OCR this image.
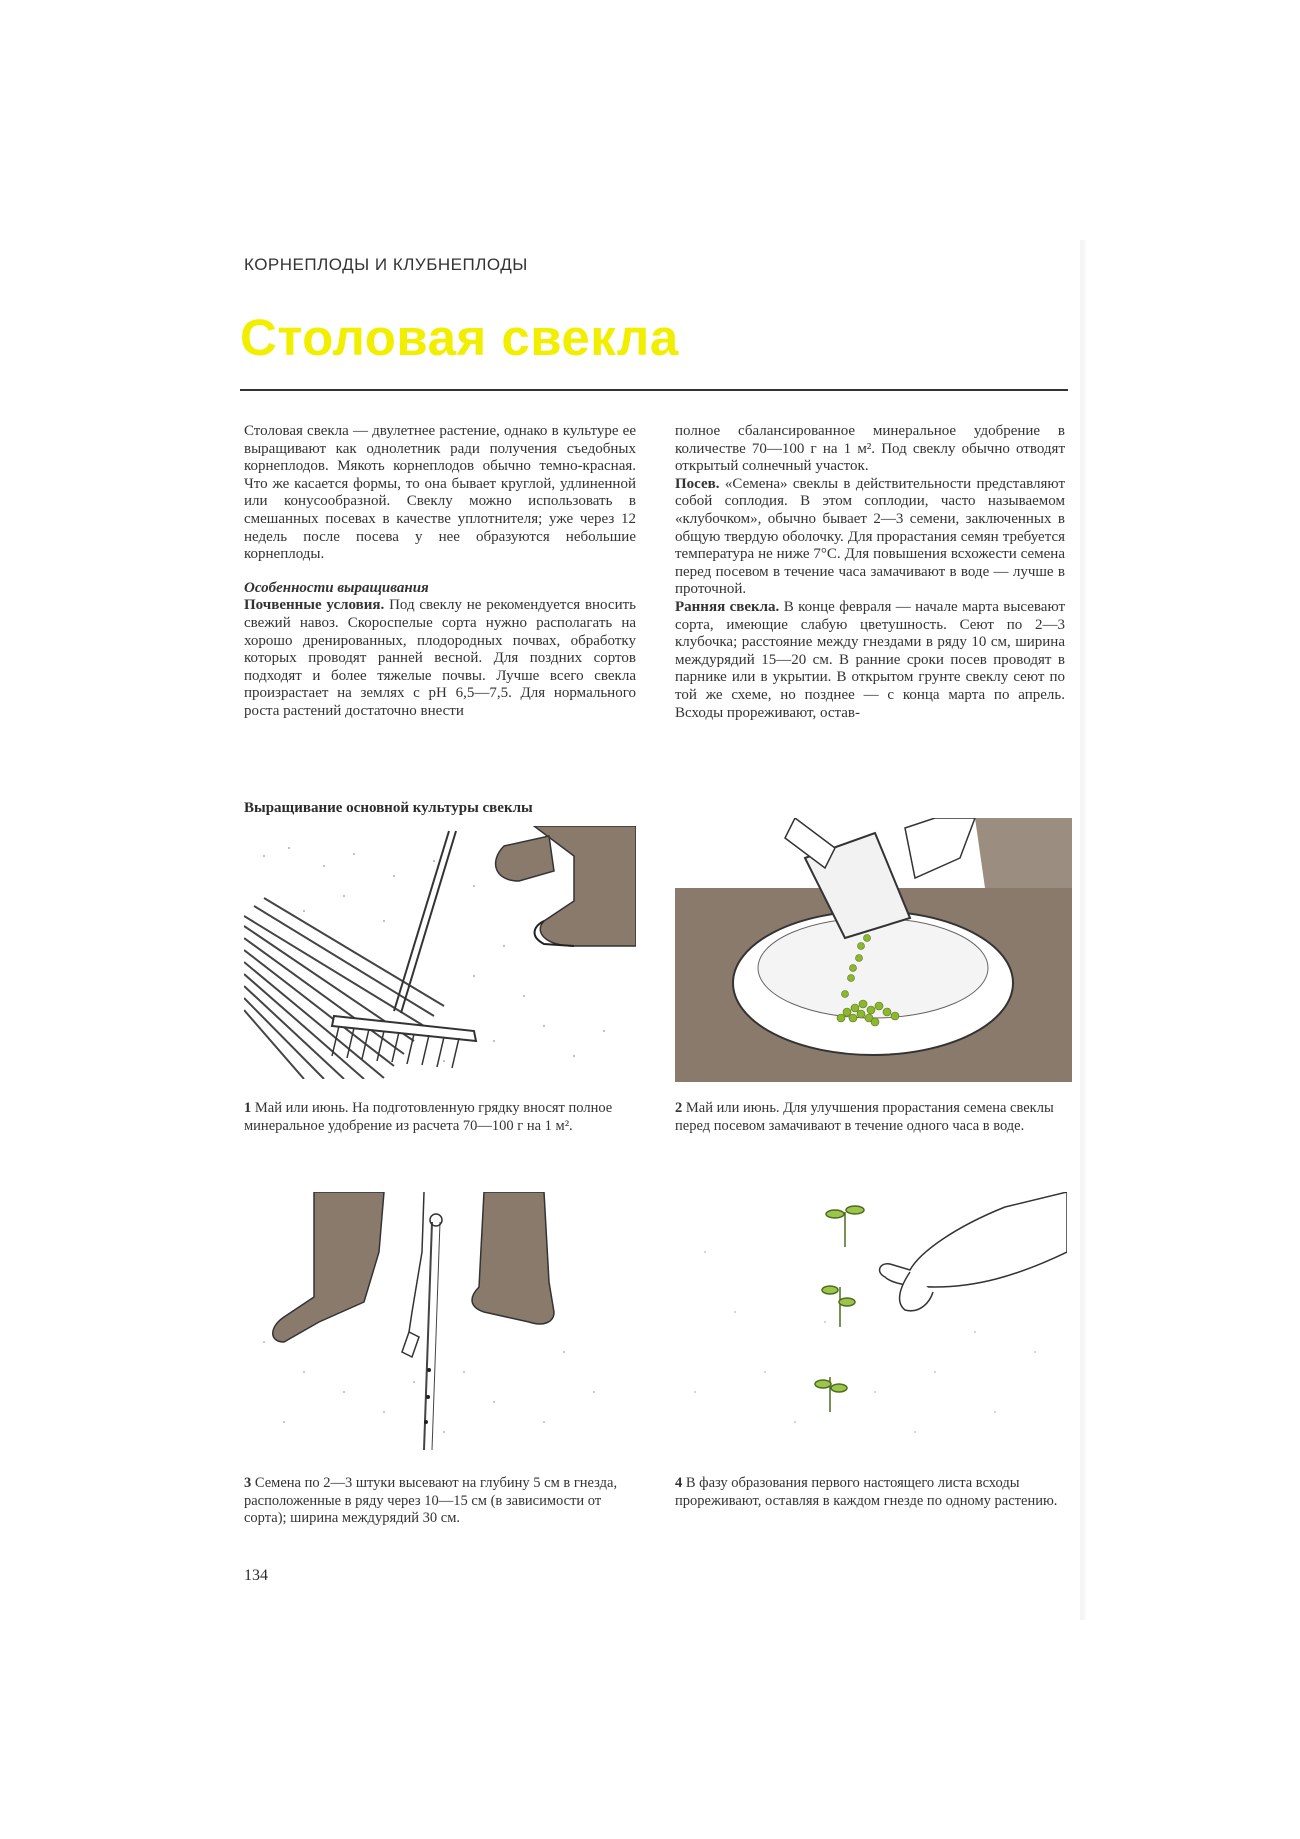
КОРНЕПЛОДЫ И КЛУБНЕПЛОДЫ
Столовая свекла

Столовая свекла — двулетнее растение, однако в культуре ее выращивают как однолетник ради получения съедобных корнеплодов. Мякоть корнеплодов обычно темно-красная. Что же касается формы, то она бывает круглой, удлиненной или конусообразной. Свеклу можно использовать в смешанных посевах в качестве уплотнителя; уже через 12 недель после посева у нее образуются небольшие корнеплоды.

Особенности выращивания

Почвенные условия. Под свеклу не рекомендуется вносить свежий навоз. Скороспелые сорта нужно располагать на хорошо дренированных, плодородных почвах, обработку которых проводят ранней весной. Для поздних сортов подходят и более тяжелые почвы. Лучше всего свекла произрастает на землях с pH 6,5—7,5. Для нормального роста растений достаточно внести

полное сбалансированное минеральное удобрение в количестве 70—100 г на 1 м². Под свеклу обычно отводят открытый солнечный участок.

Посев. «Семена» свеклы в действительности представляют собой соплодия. В этом соплодии, часто называемом «клубочком», обычно бывает 2—3 семени, заключенных в общую твердую оболочку. Для прорастания семян требуется температура не ниже 7°С. Для повышения всхожести семена перед посевом в течение часа замачивают в воде — лучше в проточной.

Ранняя свекла. В конце февраля — начале марта высевают сорта, имеющие слабую цветушность. Сеют по 2—3 клубочка; расстояние между гнездами в ряду 10 см, ширина междурядий 15—20 см. В ранние сроки посев проводят в парнике или в укрытии. В открытом грунте свеклу сеют по той же схеме, но позднее — с конца марта по апрель. Всходы прореживают, остав-

Выращивание основной культуры свеклы
1 Май или июнь. На подготовленную грядку вносят полное минеральное удобрение из расчета 70—100 г на 1 м².
2 Май или июнь. Для улучшения прорастания семена свеклы перед посевом замачивают в течение одного часа в воде.
3 Семена по 2—3 штуки высевают на глубину 5 см в гнезда, расположенные в ряду через 10—15 см (в зависимости от сорта); ширина междурядий 30 см.
4 В фазу образования первого настоящего листа всходы прореживают, оставляя в каждом гнезде по одному растению.
134
